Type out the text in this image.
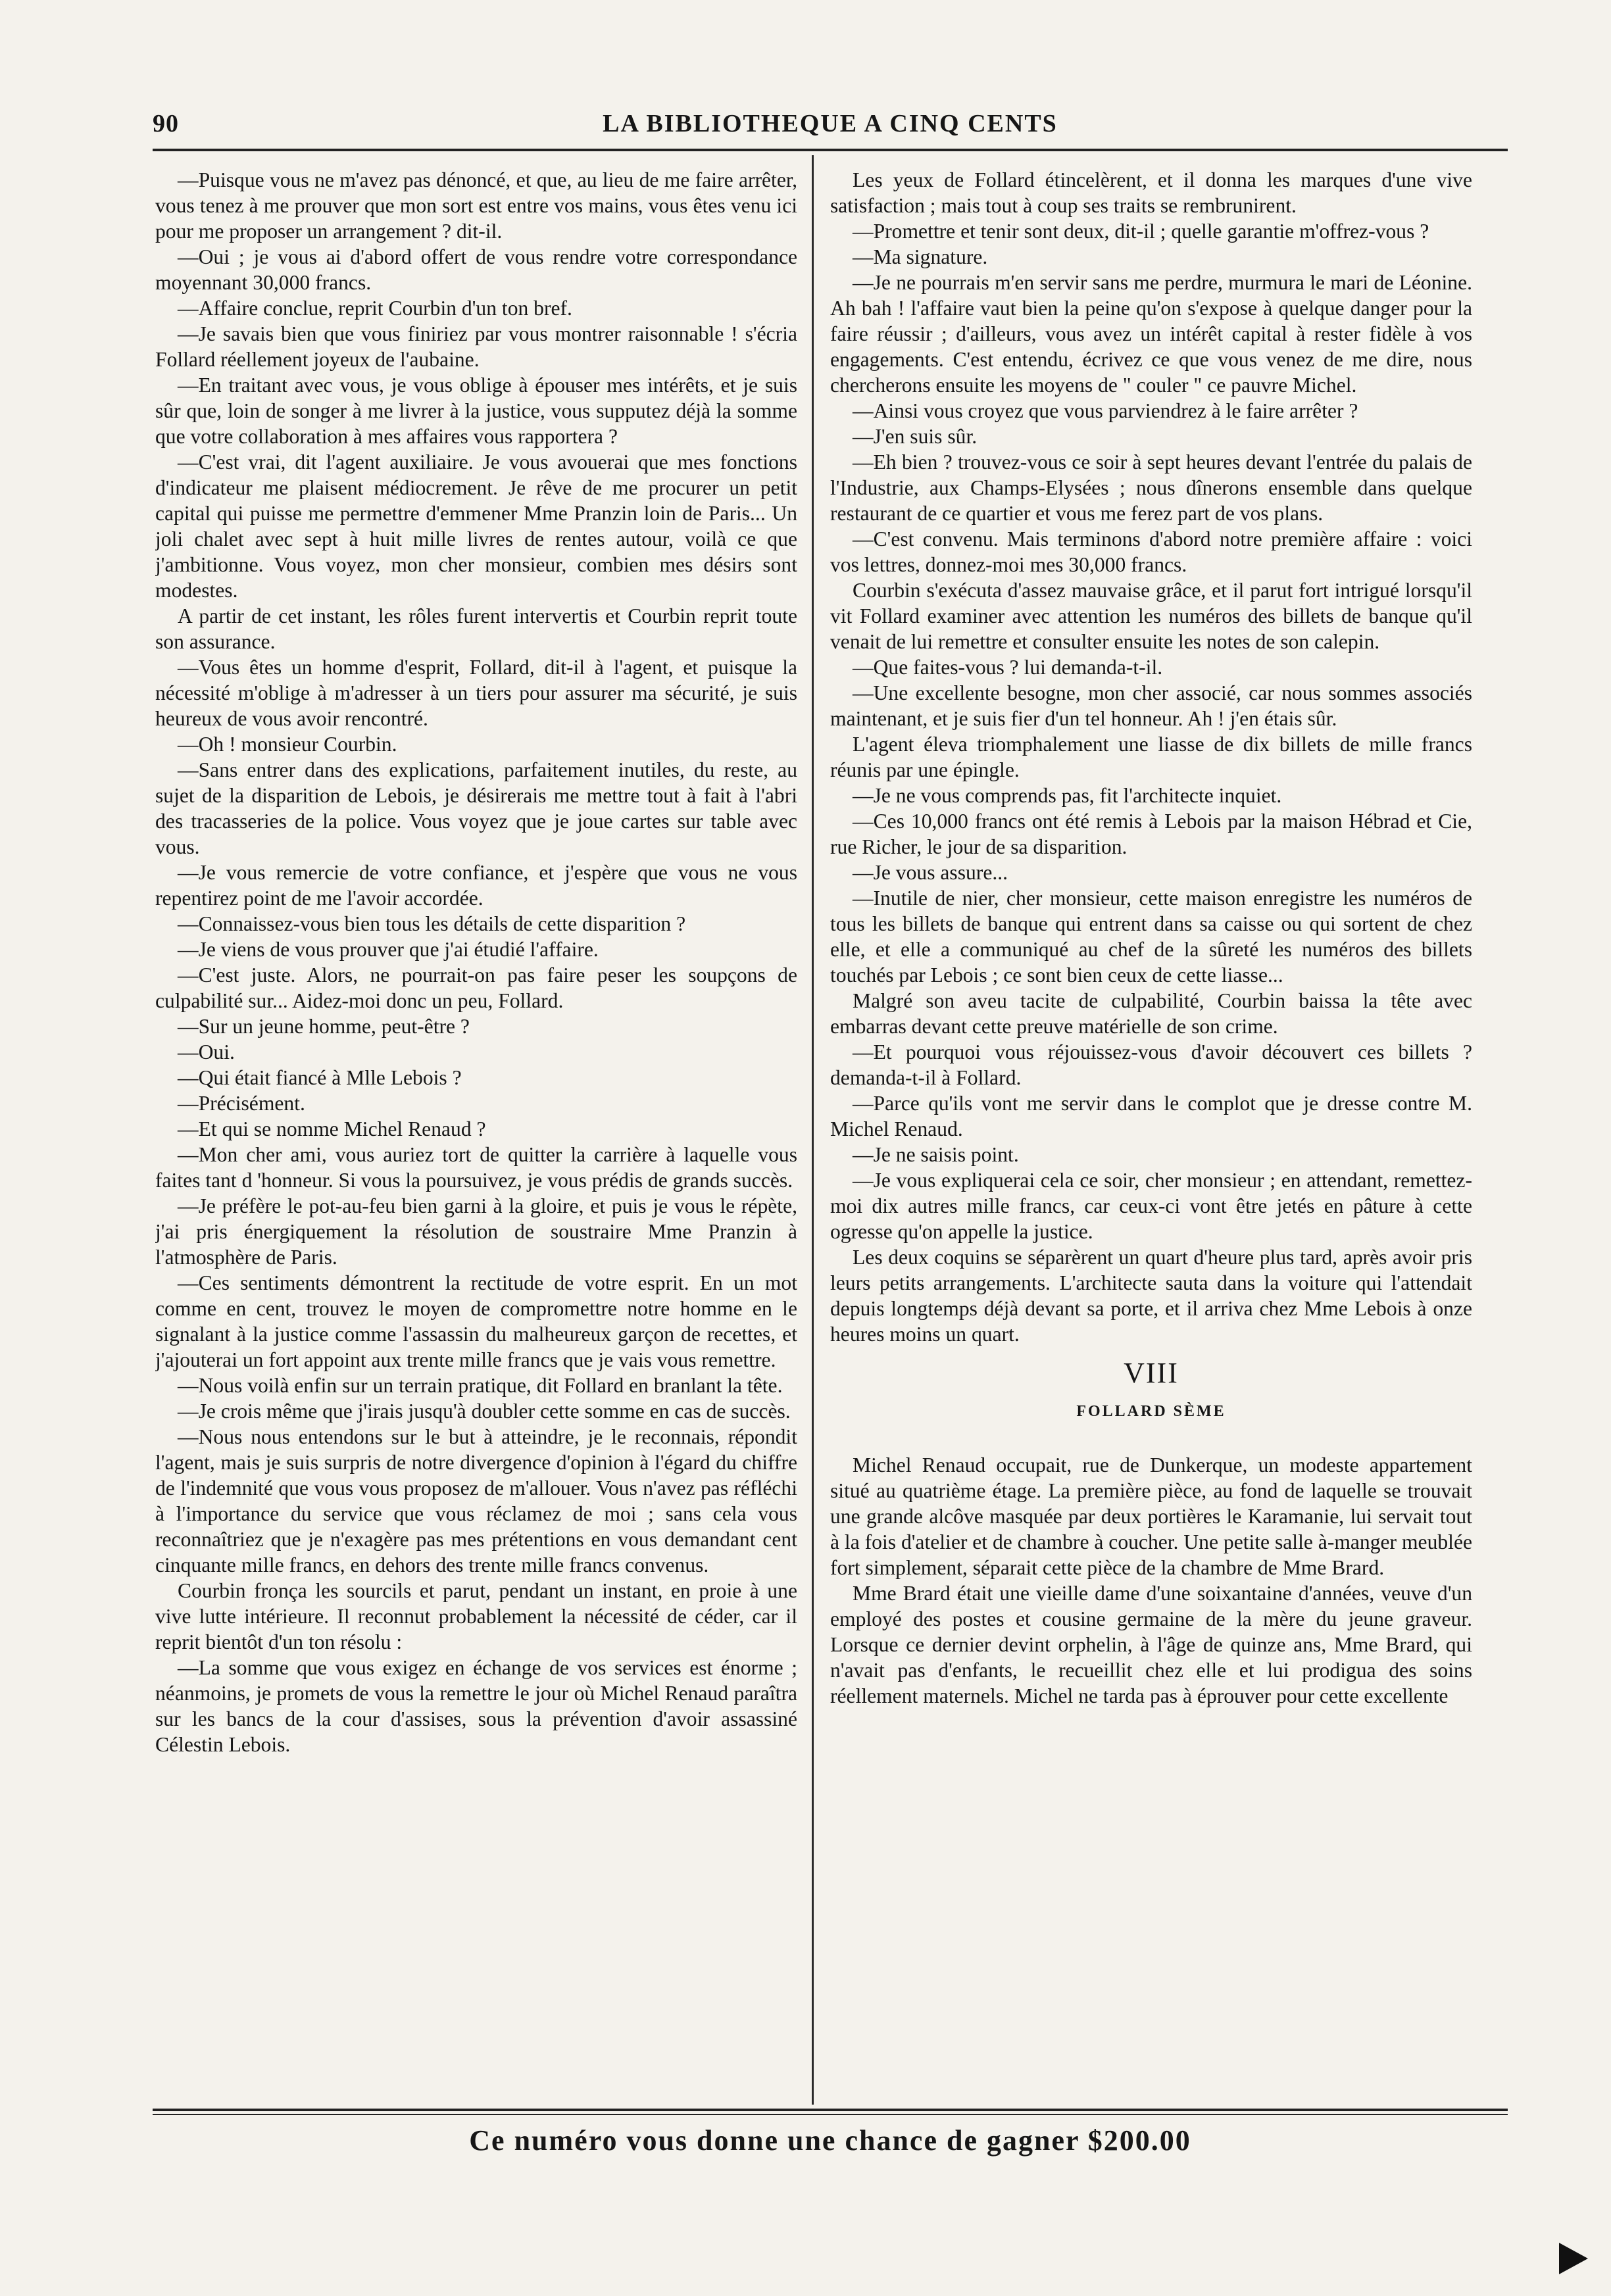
90	LA BIBLIOTHEQUE A CINQ CENTS

—Puisque vous ne m'avez pas dénoncé, et que, au lieu de me faire arrêter, vous tenez à me prouver que mon sort est entre vos mains, vous êtes venu ici pour me proposer un arrangement ? dit-il.

—Oui ; je vous ai d'abord offert de vous rendre votre correspondance moyennant 30,000 francs.

—Affaire conclue, reprit Courbin d'un ton bref.

—Je savais bien que vous finiriez par vous montrer raisonnable ! s'écria Follard réellement joyeux de l'aubaine.

—En traitant avec vous, je vous oblige à épouser mes intérêts, et je suis sûr que, loin de songer à me livrer à la justice, vous supputez déjà la somme que votre collaboration à mes affaires vous rapportera ?

—C'est vrai, dit l'agent auxiliaire. Je vous avouerai que mes fonctions d'indicateur me plaisent médiocrement. Je rêve de me procurer un petit capital qui puisse me permettre d'emmener Mme Pranzin loin de Paris... Un joli chalet avec sept à huit mille livres de rentes autour, voilà ce que j'ambitionne. Vous voyez, mon cher monsieur, combien mes désirs sont modestes.

A partir de cet instant, les rôles furent intervertis et Courbin reprit toute son assurance.

—Vous êtes un homme d'esprit, Follard, dit-il à l'agent, et puisque la nécessité m'oblige à m'adresser à un tiers pour assurer ma sécurité, je suis heureux de vous avoir rencontré.

—Oh ! monsieur Courbin.

—Sans entrer dans des explications, parfaitement inutiles, du reste, au sujet de la disparition de Lebois, je désirerais me mettre tout à fait à l'abri des tracasseries de la police. Vous voyez que je joue cartes sur table avec vous.

—Je vous remercie de votre confiance, et j'espère que vous ne vous repentirez point de me l'avoir accordée.

—Connaissez-vous bien tous les détails de cette disparition ?

—Je viens de vous prouver que j'ai étudié l'affaire.

—C'est juste. Alors, ne pourrait-on pas faire peser les soupçons de culpabilité sur... Aidez-moi donc un peu, Follard.

—Sur un jeune homme, peut-être ?

—Oui.

—Qui était fiancé à Mlle Lebois ?

—Précisément.

—Et qui se nomme Michel Renaud ?

—Mon cher ami, vous auriez tort de quitter la carrière à laquelle vous faites tant d 'honneur. Si vous la poursuivez, je vous prédis de grands succès.

—Je préfère le pot-au-feu bien garni à la gloire, et puis je vous le répète, j'ai pris énergiquement la résolution de soustraire Mme Pranzin à l'atmosphère de Paris.

—Ces sentiments démontrent la rectitude de votre esprit. En un mot comme en cent, trouvez le moyen de compromettre notre homme en le signalant à la justice comme l'assassin du malheureux garçon de recettes, et j'ajouterai un fort appoint aux trente mille francs que je vais vous remettre.

—Nous voilà enfin sur un terrain pratique, dit Follard en branlant la tête.

—Je crois même que j'irais jusqu'à doubler cette somme en cas de succès.

—Nous nous entendons sur le but à atteindre, je le reconnais, répondit l'agent, mais je suis surpris de notre divergence d'opinion à l'égard du chiffre de l'indemnité que vous vous proposez de m'allouer. Vous n'avez pas réfléchi à l'importance du service que vous réclamez de moi ; sans cela vous reconnaîtriez que je n'exagère pas mes prétentions en vous demandant cent cinquante mille francs, en dehors des trente mille francs convenus.

Courbin fronça les sourcils et parut, pendant un instant, en proie à une vive lutte intérieure. Il reconnut probablement la nécessité de céder, car il reprit bientôt d'un ton résolu :

—La somme que vous exigez en échange de vos services est énorme ; néanmoins, je promets de vous la remettre le jour où Michel Renaud paraîtra sur les bancs de la cour d'assises, sous la prévention d'avoir assassiné Célestin Lebois.

Les yeux de Follard étincelèrent, et il donna les marques d'une vive satisfaction ; mais tout à coup ses traits se rembrunirent.

—Promettre et tenir sont deux, dit-il ; quelle garantie m'offrez-vous ?

—Ma signature.

—Je ne pourrais m'en servir sans me perdre, murmura le mari de Léonine. Ah bah ! l'affaire vaut bien la peine qu'on s'expose à quelque danger pour la faire réussir ; d'ailleurs, vous avez un intérêt capital à rester fidèle à vos engagements. C'est entendu, écrivez ce que vous venez de me dire, nous chercherons ensuite les moyens de " couler " ce pauvre Michel.

—Ainsi vous croyez que vous parviendrez à le faire arrêter ?

—J'en suis sûr.

—Eh bien ? trouvez-vous ce soir à sept heures devant l'entrée du palais de l'Industrie, aux Champs-Elysées ; nous dînerons ensemble dans quelque restaurant de ce quartier et vous me ferez part de vos plans.

—C'est convenu. Mais terminons d'abord notre première affaire : voici vos lettres, donnez-moi mes 30,000 francs.

Courbin s'exécuta d'assez mauvaise grâce, et il parut fort intrigué lorsqu'il vit Follard examiner avec attention les numéros des billets de banque qu'il venait de lui remettre et consulter ensuite les notes de son calepin.

—Que faites-vous ? lui demanda-t-il.

—Une excellente besogne, mon cher associé, car nous sommes associés maintenant, et je suis fier d'un tel honneur. Ah ! j'en étais sûr.

L'agent éleva triomphalement une liasse de dix billets de mille francs réunis par une épingle.

—Je ne vous comprends pas, fit l'architecte inquiet.

—Ces 10,000 francs ont été remis à Lebois par la maison Hébrad et Cie, rue Richer, le jour de sa disparition.

—Je vous assure...

—Inutile de nier, cher monsieur, cette maison enregistre les numéros de tous les billets de banque qui entrent dans sa caisse ou qui sortent de chez elle, et elle a communiqué au chef de la sûreté les numéros des billets touchés par Lebois ; ce sont bien ceux de cette liasse...

Malgré son aveu tacite de culpabilité, Courbin baissa la tête avec embarras devant cette preuve matérielle de son crime.

—Et pourquoi vous réjouissez-vous d'avoir découvert ces billets ? demanda-t-il à Follard.

—Parce qu'ils vont me servir dans le complot que je dresse contre M. Michel Renaud.

—Je ne saisis point.

—Je vous expliquerai cela ce soir, cher monsieur ; en attendant, remettez-moi dix autres mille francs, car ceux-ci vont être jetés en pâture à cette ogresse qu'on appelle la justice.

Les deux coquins se séparèrent un quart d'heure plus tard, après avoir pris leurs petits arrangements. L'architecte sauta dans la voiture qui l'attendait depuis longtemps déjà devant sa porte, et il arriva chez Mme Lebois à onze heures moins un quart.

VIII
FOLLARD SÈME

Michel Renaud occupait, rue de Dunkerque, un modeste appartement situé au quatrième étage. La première pièce, au fond de laquelle se trouvait une grande alcôve masquée par deux portières le Karamanie, lui servait tout à la fois d'atelier et de chambre à coucher. Une petite salle à-manger meublée fort simplement, séparait cette pièce de la chambre de Mme Brard.

Mme Brard était une vieille dame d'une soixantaine d'années, veuve d'un employé des postes et cousine germaine de la mère du jeune graveur. Lorsque ce dernier devint orphelin, à l'âge de quinze ans, Mme Brard, qui n'avait pas d'enfants, le recueillit chez elle et lui prodigua des soins réellement maternels. Michel ne tarda pas à éprouver pour cette excellente

Ce numéro vous donne une chance de gagner $200.00
